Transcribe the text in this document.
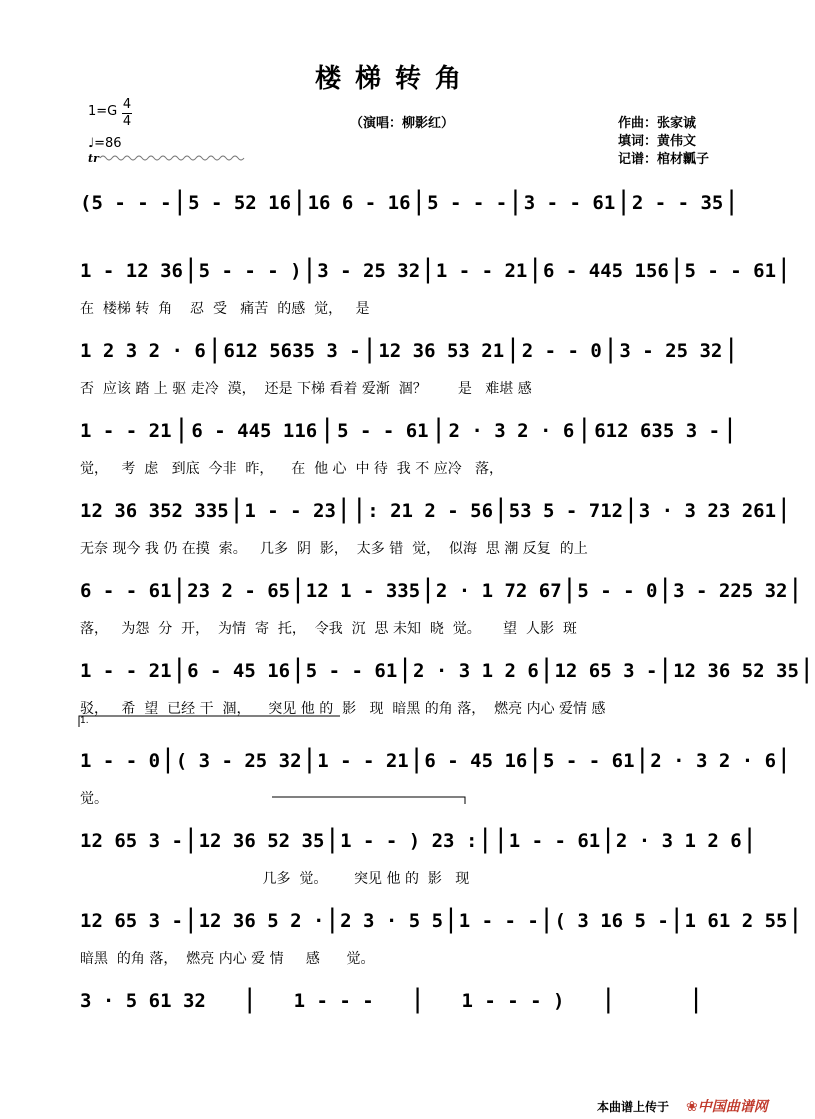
楼梯转角
1=G 4
4
♩=86
tr
（演唱：柳影红）	作曲：张家诚
填词：黄伟文
记谱：棺材瓤子
(5 - - - | 5 - 52 16 | 16 6 - 16 | 5 - - - | 3 - - 61 | 2 - - 35 |
1 - 12 36 | 5 - - - ) | 3 - 25 32 | 1 - - 21 | 6 - 445 156 | 5 - - 61 |
在  楼梯 转  角    忍  受   痛苦  的感  觉，   是
1 2 3 2 · 6 | 612 5635 3 - | 12 36 53 21 | 2 - - 0 | 3 - 25 32 |
否  应该 踏 上 驱 走冷  漠，  还是 下梯 看着 爱渐  涸？       是   难堪 感
1 - - 21 | 6 - 445 116 | 5 - - 61 | 2 · 3 2 · 6 | 612 635 3 - |
觉，   考  虑   到底  今非  昨，    在  他 心  中 待  我 不 应冷   落，
12 36 352 335 | 1 - - 23 | | : 21 2 - 56 | 53 5 - 712 | 3 · 3 23 261 |
无奈 现今 我 仍 在摸  索。   几多  阴  影，  太多 错  觉，  似海  思 潮 反复  的上
6 - - 61 | 23 2 - 65 | 12 1 - 335 | 2 · 1 72 67 | 5 - - 0 | 3 - 225 32 |
落，   为怨  分  开，  为情  寄  托，  令我  沉  思 未知  晓  觉。     望  人影  斑
1 - - 21 | 6 - 45 16 | 5 - - 61 | 2 · 3 1 2 6 | 12 65 3 - | 12 36 52 35 |
驳，   希  望  已经 干  涸，    突见 他 的  影   现  暗黑 的角 落，  燃亮 内心 爱情 感
1 - - 0 | ( 3 - 25 32 | 1 - - 21 | 6 - 45 16 | 5 - - 61 | 2 · 3 2 · 6 |
觉。
12 65 3 - | 12 36 52 35 | 1 - - ) 23 : | | 1 - - 61 | 2 · 3 1 2 6 |
几多  觉。      突见 他 的  影   现
12 65 3 - | 12 36 5 2 · | 2 3 · 5 5 | 1 - - - | ( 3 16 5 - | 1 61 2 55 |
暗黑  的角 落，  燃亮 内心 爱 情     感      觉。
3 · 5 61 32 | 1 - - - | 1 - - - ) |	|
1.
本曲谱上传于 ❀中国曲谱网
